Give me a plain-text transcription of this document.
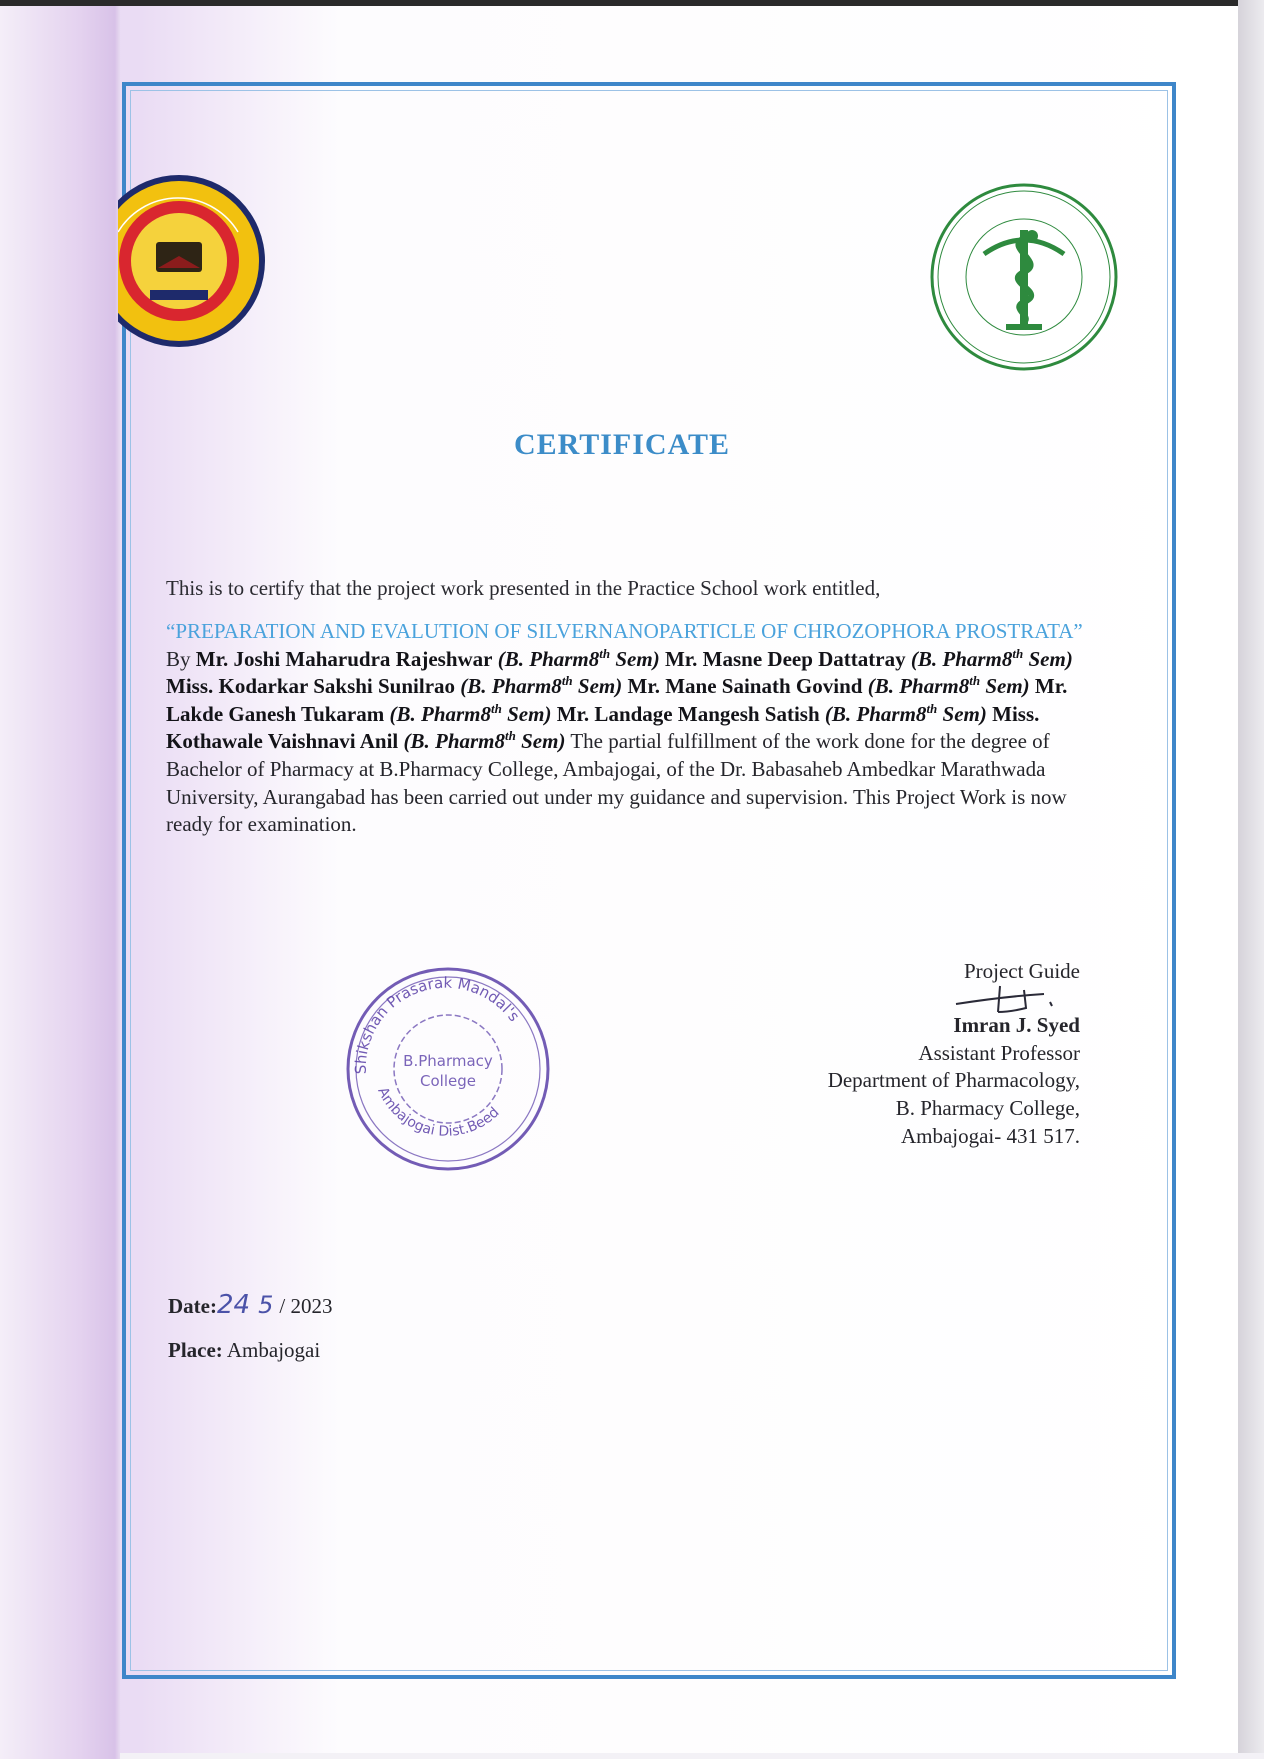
CERTIFICATE
This is to certify that the project work presented in the Practice School work entitled,
“PREPARATION AND EVALUTION OF SILVERNANOPARTICLE OF CHROZOPHORA PROSTRATA” By Mr. Joshi Maharudra Rajeshwar (B. Pharm8th Sem) Mr. Masne Deep Dattatray (B. Pharm8th Sem) Miss. Kodarkar Sakshi Sunilrao (B. Pharm8th Sem) Mr. Mane Sainath Govind (B. Pharm8th Sem) Mr. Lakde Ganesh Tukaram (B. Pharm8th Sem) Mr. Landage Mangesh Satish (B. Pharm8th Sem) Miss. Kothawale Vaishnavi Anil (B. Pharm8th Sem) The partial fulfillment of the work done for the degree of Bachelor of Pharmacy at B.Pharmacy College, Ambajogai, of the Dr. Babasaheb Ambedkar Marathwada University, Aurangabad has been carried out under my guidance and supervision. This Project Work is now ready for examination.
Shikshan Prasarak Mandal's
Ambajogai Dist.Beed
B.Pharmacy
College
Project Guide
Imran J. Syed
Assistant Professor
Department of Pharmacology,
B. Pharmacy College,
Ambajogai- 431 517.
Date:24 5 / 2023
Place: Ambajogai
